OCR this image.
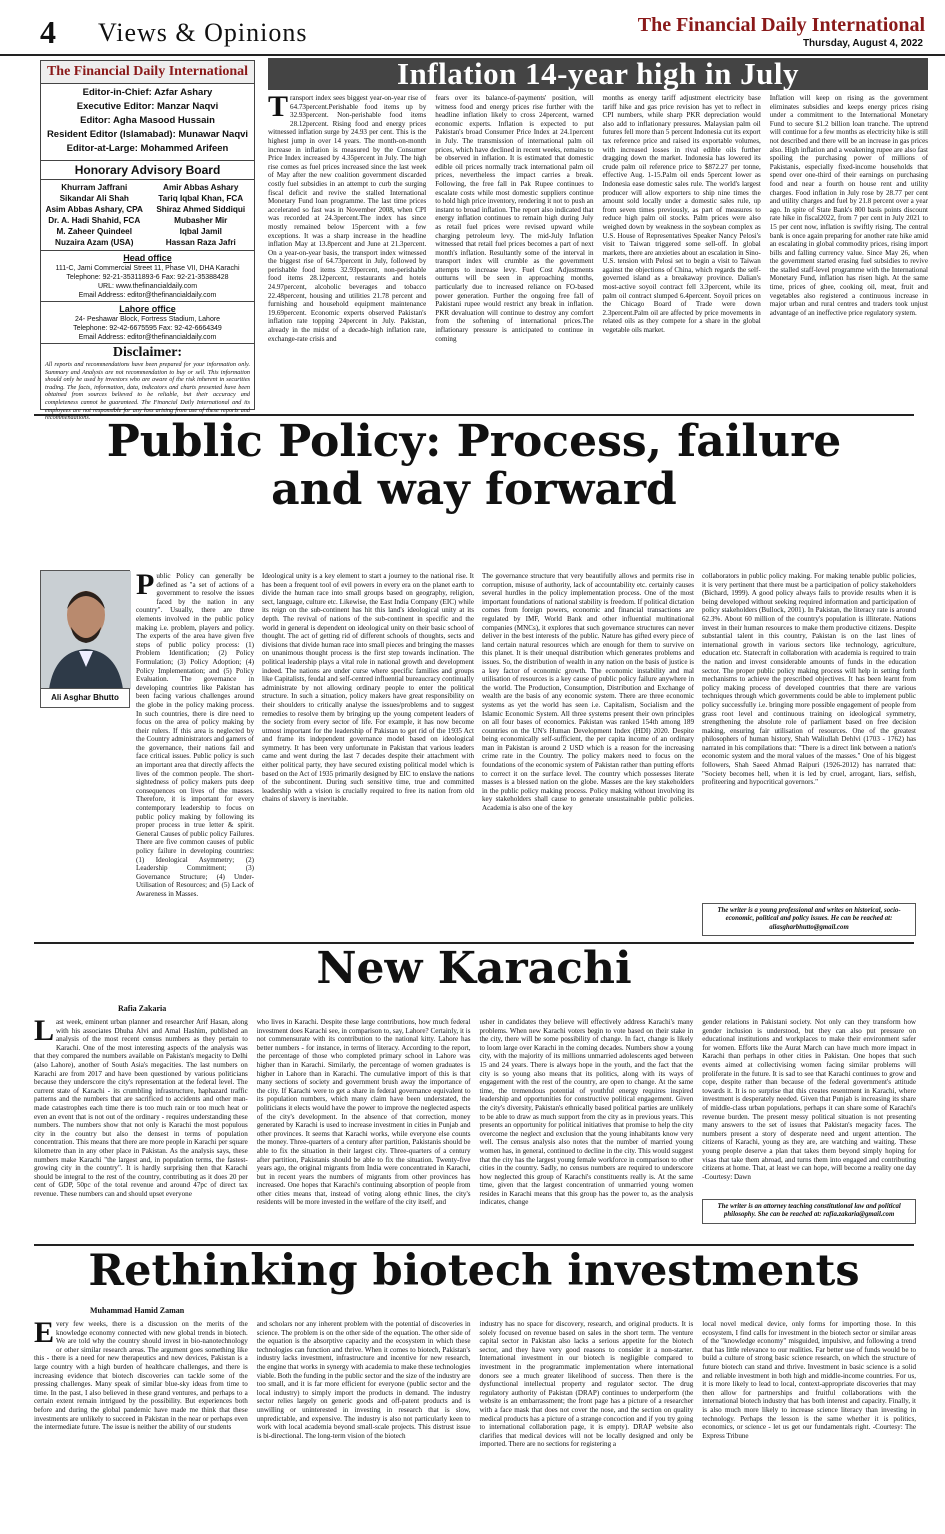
4 Views & Opinions	The Financial Daily International
Thursday, August 4, 2022
The Financial Daily International
Editor-in-Chief: Azfar Ashary
Executive Editor: Manzar Naqvi
Editor: Agha Masood Hussain
Resident Editor (Islamabad): Munawar Naqvi
Editor-at-Large: Mohammed Arifeen
Honorary Advisory Board
Khurram Jaffrani
Sikandar Ali Shah
Asim Abbas Ashary, CPA
Dr. A. Hadi Shahid, FCA
M. Zaheer Quindeel
Nuzaira Azam (USA)
Amir Abbas Ashary
Tariq Iqbal Khan, FCA
Shiraz Ahmed Siddiqui
Mubasher Mir
Iqbal Jamil
Hassan Raza Jafri
Head office
111-C, Jami Commercial Street 11, Phase VII, DHA Karachi
Telephone: 92-21-35311893-6 Fax: 92-21-35388428
URL: www.thefinancialdaily.com
Email Address: editor@thefinancialdaily.com
Lahore office
24- Peshawar Block, Fortress Stadium, Lahore
Telephone: 92-42-6675595 Fax: 92-42-6664349
Email Address: editor@thefinancialdaily.com
Disclaimer:
All reports and recommendations have been prepared for your information only. Summary and Analysis are not recommendation to buy or sell. This information should only be used by investors who are aware of the risk inherent in securities trading. The facts, information, data, indicators and charts presented have been obtained from sources believed to be reliable, but their accuracy and completeness cannot be guaranteed. The Financial Daily International and its employees are not responsible for any loss arising from use of these reports and recommendations.
Inflation 14-year high in July
Transport index sees biggest year-on-year rise of 64.73percent.Perishable food items up by 32.93percent. Non-perishable food items 28.12percent. Rising food and energy prices witnessed inflation surge by 24.93 per cent. This is the highest jump in over 14 years. The month-on-month increase in inflation is measured by the Consumer Price Index increased by 4.35percent in July. The high rise comes as fuel prices increased since the last week of May after the new coalition government discarded costly fuel subsidies in an attempt to curb the surging fiscal deficit and revive the stalled International Monetary Fund loan programme. The last time prices accelerated so fast was in November 2008, when CPI was recorded at 24.3percent.The index has since mostly remained below 15percent with a few exceptions. It was a sharp increase in the headline inflation May at 13.8percent and June at 21.3percent. On a year-on-year basis, the transport index witnessed the biggest rise of 64.73percent in July, followed by perishable food items 32.93percent, non-perishable food items 28.12percent, restaurants and hotels 24.97percent, alcoholic beverages and tobacco 22.48percent, housing and utilities 21.78 percent and furnishing and household equipment maintenance 19.69percent. Economic experts observed Pakistan's inflation rate topping 24percent in July. Pakistan, already in the midst of a decade-high inflation rate, exchange-rate crisis and
fears over its balance-of-payments' position, will witness food and energy prices rise further with the headline inflation likely to cross 24percent, warned economic experts. Inflation is expected to put Pakistan's broad Consumer Price Index at 24.1percent in July. The transmission of international palm oil prices, which have declined in recent weeks, remains to be observed in inflation. It is estimated that domestic edible oil prices normally track international palm oil prices, nevertheless the impact carries a break. Following, the free fall in Pak Rupee continues to escalate costs while most domestic suppliers continue to hold high price inventory, rendering it not to push an instant to broad inflation. The report also indicated that energy inflation continues to remain high during July as retail fuel prices were revised upward while charging petroleum levy. The mid-July Inflation witnessed that retail fuel prices becomes a part of next month's inflation. Resultantly some of the interval in transport index will crumble as the government attempts to increase levy. Fuel Cost Adjustments outturns will be seen in approaching months, particularly due to increased reliance on FO-based power generation. Further the ongoing free fall of Pakistani rupee would restrict any break in inflation. PKR devaluation will continue to destroy any comfort from the softening of international prices.The inflationary pressure is anticipated to continue in coming
months as energy tariff adjustment electricity base tariff hike and gas price revision has yet to reflect in CPI numbers, while sharp PKR depreciation would also add to inflationary pressures. Malaysian palm oil futures fell more than 5 percent Indonesia cut its export tax reference price and raised its exportable volumes, with increased losses in rival edible oils further dragging down the market. Indonesia has lowered its crude palm oil reference price to $872.27 per tonne, effective Aug. 1-15.Palm oil ends 5percent lower as Indonesia ease domestic sales rule. The world's largest producer will allow exporters to ship nine times the amount sold locally under a domestic sales rule, up from seven times previously, as part of measures to reduce high palm oil stocks. Palm prices were also weighed down by weakness in the soybean complex as U.S. House of Representatives Speaker Nancy Pelosi's visit to Taiwan triggered some sell-off. In global markets, there are anxieties about an escalation in Sino-U.S. tension with Pelosi set to begin a visit to Taiwan against the objections of China, which regards the self-governed island as a breakaway province. Dalian's most-active soyoil contract fell 3.3percent, while its palm oil contract slumped 6.4percent. Soyoil prices on the Chicago Board of Trade were down 2.3percent.Palm oil are affected by price movements in related oils as they compete for a share in the global vegetable oils market.
Inflation will keep on rising as the government eliminates subsidies and keeps energy prices rising under a commitment to the International Monetary Fund to secure $1.2 billion loan tranche. The uptrend will continue for a few months as electricity hike is still not described and there will be an increase in gas prices also. High inflation and a weakening rupee are also fast spoiling the purchasing power of millions of Pakistanis, especially fixed-income households that spend over one-third of their earnings on purchasing food and near a fourth on house rent and utility charges. Food inflation in July rose by 28.77 per cent and utility charges and fuel by 21.8 percent over a year ago. In spite of State Bank's 800 basis points discount rate hike in fiscal2022, from 7 per cent in July 2021 to 15 per cent now, inflation is swiftly rising. The central bank is once again preparing for another rate hike amid an escalating in global commodity prices, rising import bills and falling currency value. Since May 26, when the government started erasing fuel subsidies to revive the stalled staff-level programme with the International Monetary Fund, inflation has risen high. At the same time, prices of ghee, cooking oil, meat, fruit and vegetables also registered a continuous increase in major urban and rural centres and traders took unjust advantage of an ineffective price regulatory system.
Public Policy: Process, failure
and way forward
Ali Asghar Bhutto
Public Policy can generally be defined as "a set of actions of a government to resolve the issues faced by the nation in any country". Usually, there are three elements involved in the public policy making i.e. problem, players and policy. The experts of the area have given five steps of public policy process: (1) Problem Identification; (2) Policy Formulation; (3) Policy Adoption; (4) Policy Implementation; and (5) Policy Evaluation. The governance in developing countries like Pakistan has been facing various challenges around the globe in the policy making process. In such countries, there is dire need to focus on the area of policy making by their rulers. If this area is neglected by the Country administrators and gamers of the governance, their nations fail and face critical issues. Public policy is such an important area that directly affects the lives of the common people. The short-sightedness of policy makers puts deep consequences on lives of the masses. Therefore, it is important for every contemporary leadership to focus on public policy making by following its proper process in true letter & spirit. General Causes of public policy Failures. There are five common causes of public policy failure in developing countries: (1) Ideological Asymmetry; (2) Leadership Commitment; (3) Governance Structure; (4) Under-Utilisation of Resources; and (5) Lack of Awareness in Masses.
Ideological unity is a key element to start a journey to the national rise. It has been a frequent tool of evil powers in every era on the planet earth to divide the human race into small groups based on geography, religion, sect, language, culture etc. Likewise, the East India Company (EIC) while its reign on the sub-continent has hit this land's ideological unity at its depth. The revival of nations of the sub-continent in specific and the world in general is dependent on ideological unity on their basic school of thought. The act of getting rid of different schools of thoughts, sects and divisions that divide human race into small pieces and bringing the masses on unanimous thought process is the first step towards inclination. The political leadership plays a vital role in national growth and development indeed. The nations are under curse where specific families and groups like Capitalists, feudal and self-centred influential bureaucracy continually administrate by not allowing ordinary people to enter the political structure. In such a situation, policy makers have great responsibility on their shoulders to critically analyse the issues/problems and to suggest remedies to resolve them by bringing up the young competent leaders of the society from every sector of life. For example, it has now become utmost important for the leadership of Pakistan to get rid of the 1935 Act and frame its independent governance model based on ideological symmetry. It has been very unfortunate in Pakistan that various leaders came and went during the last 7 decades despite their attachment with either political party, they have secured existing political model which is based on the Act of 1935 primarily designed by EIC to enslave the nations of the subcontinent. During such sensitive time, true and committed leadership with a vision is crucially required to free its nation from old chains of slavery is inevitable.
The governance structure that very beautifully allows and permits rise in corruption, misuse of authority, lack of accountability etc. certainly causes several hurdles in the policy implementation process. One of the most important foundations of national stability is freedom. If political dictation comes from foreign powers, economic and financial transactions are regulated by IMF, World Bank and other influential multinational companies (MNCs), it explores that such governance structures can never deliver in the best interests of the public. Nature has gifted every piece of land certain natural resources which are enough for them to survive on this planet. It is their unequal distribution which generates problems and issues. So, the distribution of wealth in any nation on the basis of justice is a key factor of economic growth. The economic instability and mal utilisation of resources is a key cause of public policy failure anywhere in the world. The Production, Consumption, Distribution and Exchange of wealth are the basis of any economic system. There are three economic systems as yet the world has seen i.e. Capitalism, Socialism and the Islamic Economic System. All three systems present their own principles on all four bases of economics. Pakistan was ranked 154th among 189 countries on the UN's Human Development Index (HDI) 2020. Despite being economically self-sufficient, the per capita income of an ordinary man in Pakistan is around 2 USD which is a reason for the increasing crime rate in the Country. The policy makers need to focus on the foundations of the economic system of Pakistan rather than putting efforts to correct it on the surface level. The country which possesses literate masses is a blessed nation on the globe. Masses are the key stakeholders in the public policy making process. Policy making without involving its key stakeholders shall cause to generate unsustainable public policies. Academia is also one of the key
collaborators in public policy making. For making tenable public policies, it is very pertinent that there must be a participation of policy stakeholders (Bichard, 1999). A good policy always fails to provide results when it is being developed without seeking required information and participation of policy stakeholders (Bullock, 2001). In Pakistan, the literacy rate is around 62.3%. About 60 million of the country's population is illiterate. Nations invest in their human resources to make them productive citizens. Despite substantial talent in this country, Pakistan is on the last lines of international growth in various sectors like technology, agriculture, education etc. Statecraft in collaboration with academia is required to train the nation and invest considerable amounts of funds in the education sector. The proper public policy making process will help in setting forth mechanisms to achieve the prescribed objectives. It has been learnt from policy making process of developed countries that there are various techniques through which governments could be able to implement public policy successfully i.e. bringing more possible engagement of people from grass root level and continuous training on ideological symmetry, strengthening the absolute role of parliament based on free decision making, ensuring fair utilisation of resources. One of the greatest philosophers of human history, Shah Waliullah Dehlvi (1703 - 1762) has narrated in his compilations that: "There is a direct link between a nation's economic system and the moral values of the masses." One of his biggest followers, Shah Saeed Ahmad Raipuri (1926-2012) has narrated that: "Society becomes hell, when it is led by cruel, arrogant, liars, selfish, profiteering and hypocritical governors."
The writer is a young professional and writes on historical, socio-economic, political and policy issues. He can be reached at: aliasgharbhutto@gmail.com
New Karachi
Rafia Zakaria
Last week, eminent urban planner and researcher Arif Hasan, along with his associates Dhuha Alvi and Amal Hashim, published an analysis of the most recent census numbers as they pertain to Karachi. One of the most interesting aspects of the analysis was that they compared the numbers available on Pakistan's megacity to Delhi (also Lahore), another of South Asia's megacities. The last numbers on Karachi are from 2017 and have been questioned by various politicians because they underscore the city's representation at the federal level. The current state of Karachi - its crumbling infrastructure, haphazard traffic patterns and the numbers that are sacrificed to accidents and other man-made catastrophes each time there is too much rain or too much heat or even an event that is not out of the ordinary - requires understanding these numbers. The numbers show that not only is Karachi the most populous city in the country but also the densest in terms of population concentration. This means that there are more people in Karachi per square kilometre than in any other place in Pakistan. As the analysis says, these numbers make Karachi "the largest and, in population terms, the fastest-growing city in the country". It is hardly surprising then that Karachi should be integral to the rest of the country, contributing as it does 20 per cent of GDP, 50pc of the total revenue and around 47pc of direct tax revenue. These numbers can and should upset everyone
who lives in Karachi. Despite these large contributions, how much federal investment does Karachi see, in comparison to, say, Lahore? Certainly, it is not commensurate with its contribution to the national kitty. Lahore has better numbers - for instance, in terms of literacy. According to the report, the percentage of those who completed primary school in Lahore was higher than in Karachi. Similarly, the percentage of women graduates is higher in Lahore than in Karachi. The cumulative import of this is that many sections of society and government brush away the importance of the city. If Karachi were to get a share in federal governance equivalent to its population numbers, which many claim have been understated, the politicians it elects would have the power to improve the neglected aspects of the city's development. In the absence of that correction, money generated by Karachi is used to increase investment in cities in Punjab and other provinces. It seems that Karachi works, while everyone else counts the money. Three-quarters of a century after partition, Pakistanis should be able to fix the situation in their largest city. Three-quarters of a century after partition, Pakistanis should be able to fix the situation. Twenty-five years ago, the original migrants from India were concentrated in Karachi, but in recent years the numbers of migrants from other provinces has increased. One hopes that Karachi's continuing absorption of people from other cities means that, instead of voting along ethnic lines, the city's residents will be more invested in the welfare of the city itself, and
usher in candidates they believe will effectively address Karachi's many problems. When new Karachi voters begin to vote based on their stake in the city, there will be some possibility of change. In fact, change is likely to loom large over Karachi in the coming decades. Numbers show a young city, with the majority of its millions unmarried adolescents aged between 15 and 24 years. There is always hope in the youth, and the fact that the city is so young also means that its politics, along with its ways of engagement with the rest of the country, are open to change. At the same time, the tremendous potential of youthful energy requires inspired leadership and opportunities for constructive political engagement. Given the city's diversity, Pakistan's ethnically based political parties are unlikely to be able to draw as much support from the city as in previous years. This presents an opportunity for political initiatives that promise to help the city overcome the neglect and exclusion that the young inhabitants know very well. The census analysis also notes that the number of married young women has, in general, continued to decline in the city. This would suggest that the city has the largest young female workforce in comparison to other cities in the country. Sadly, no census numbers are required to underscore how neglected this group of Karachi's constituents really is. At the same time, given that the largest concentration of unmarried young women resides in Karachi means that this group has the power to, as the analysis indicates, change
gender relations in Pakistani society. Not only can they transform how gender inclusion is understood, but they can also put pressure on educational institutions and workplaces to make their environment safer for women. Efforts like the Aurat March can have much more impact in Karachi than perhaps in other cities in Pakistan. One hopes that such events aimed at collectivising women facing similar problems will proliferate in the future. It is sad to see that Karachi continues to grow and cope, despite rather than because of the federal government's attitude towards it. It is no surprise that this creates resentment in Karachi, where investment is desperately needed. Given that Punjab is increasing its share of middle-class urban populations, perhaps it can share some of Karachi's revenue burden. The present messy political situation is not presenting many answers to the set of issues that Pakistan's megacity faces. The numbers present a story of desperate need and urgent attention. The citizens of Karachi, young as they are, are watching and waiting. These young people deserve a plan that takes them beyond simply hoping for visas that take them abroad, and turns them into engaged and contributing citizens at home. That, at least we can hope, will become a reality one day -Courtesy: Dawn
The writer is an attorney teaching constitutional law and political philosophy. She can be reached at: rafia.zakaria@gmail.com
Rethinking biotech investments
Muhammad Hamid Zaman
Every few weeks, there is a discussion on the merits of the knowledge economy connected with new global trends in biotech. We are told why the country should invest in bio-nanotechnology or other similar research areas. The argument goes something like this - there is a need for new therapeutics and new devices, Pakistan is a large country with a high burden of healthcare challenges, and there is increasing evidence that biotech discoveries can tackle some of the pressing challenges. Many speak of similar blue-sky ideas from time to time. In the past, I also believed in these grand ventures, and perhaps to a certain extent remain intrigued by the possibility. But experiences both before and during the global pandemic have made me think that these investments are unlikely to succeed in Pakistan in the near or perhaps even the intermediate future. The issue is neither the ability of our students
and scholars nor any inherent problem with the potential of discoveries in science. The problem is on the other side of the equation. The other side of the equation is the absorptive capacity and the ecosystem in which these technologies can function and thrive. When it comes to biotech, Pakistan's industry lacks investment, infrastructure and incentive for new research, the engine that works in synergy with academia to make these technologies viable. Both the funding in the public sector and the size of the industry are too small, and it is far more efficient for everyone (public sector and the local industry) to simply import the products in demand. The industry sector relies largely on generic goods and off-patent products and is unwilling or uninterested in investing in research that is slow, unpredictable, and expensive. The industry is also not particularly keen to work with local academia beyond small-scale projects. This distrust issue is bi-directional. The long-term vision of the biotech
industry has no space for discovery, research, and original products. It is solely focused on revenue based on sales in the short term. The venture capital sector in Pakistan also lacks a serious appetite for the biotech sector, and they have very good reasons to consider it a non-starter. International investment in our biotech is negligible compared to investment in the programmatic implementation where international donors see a much greater likelihood of success. Then there is the dysfunctional intellectual property and regulator sector. The drug regulatory authority of Pakistan (DRAP) continues to underperform (the website is an embarrassment; the front page has a picture of a researcher with a face mask that does not cover the nose, and the section on quality medical products has a picture of a strange concoction and if you try going to international collaboration page, it is empty). DRAP website also clarifies that medical devices will not be locally designed and only be imported. There are no sections for registering a
local novel medical device, only forms for importing those. In this ecosystem, I find calls for investment in the biotech sector or similar areas of the "knowledge economy" misguided, impulsive, and following a trend that has little relevance to our realities. Far better use of funds would be to build a culture of strong basic science research, on which the structure of future biotech can stand and thrive. Investment in basic science is a solid and reliable investment in both high and middle-income countries. For us, it is more likely to lead to local, context-appropriate discoveries that may then allow for partnerships and fruitful collaborations with the international biotech industry that has both interest and capacity. Finally, it is also much more likely to increase science literacy than investing in technology. Perhaps the lesson is the same whether it is politics, economics, or science - let us get our fundamentals right. -Courtesy: The Express Tribune
